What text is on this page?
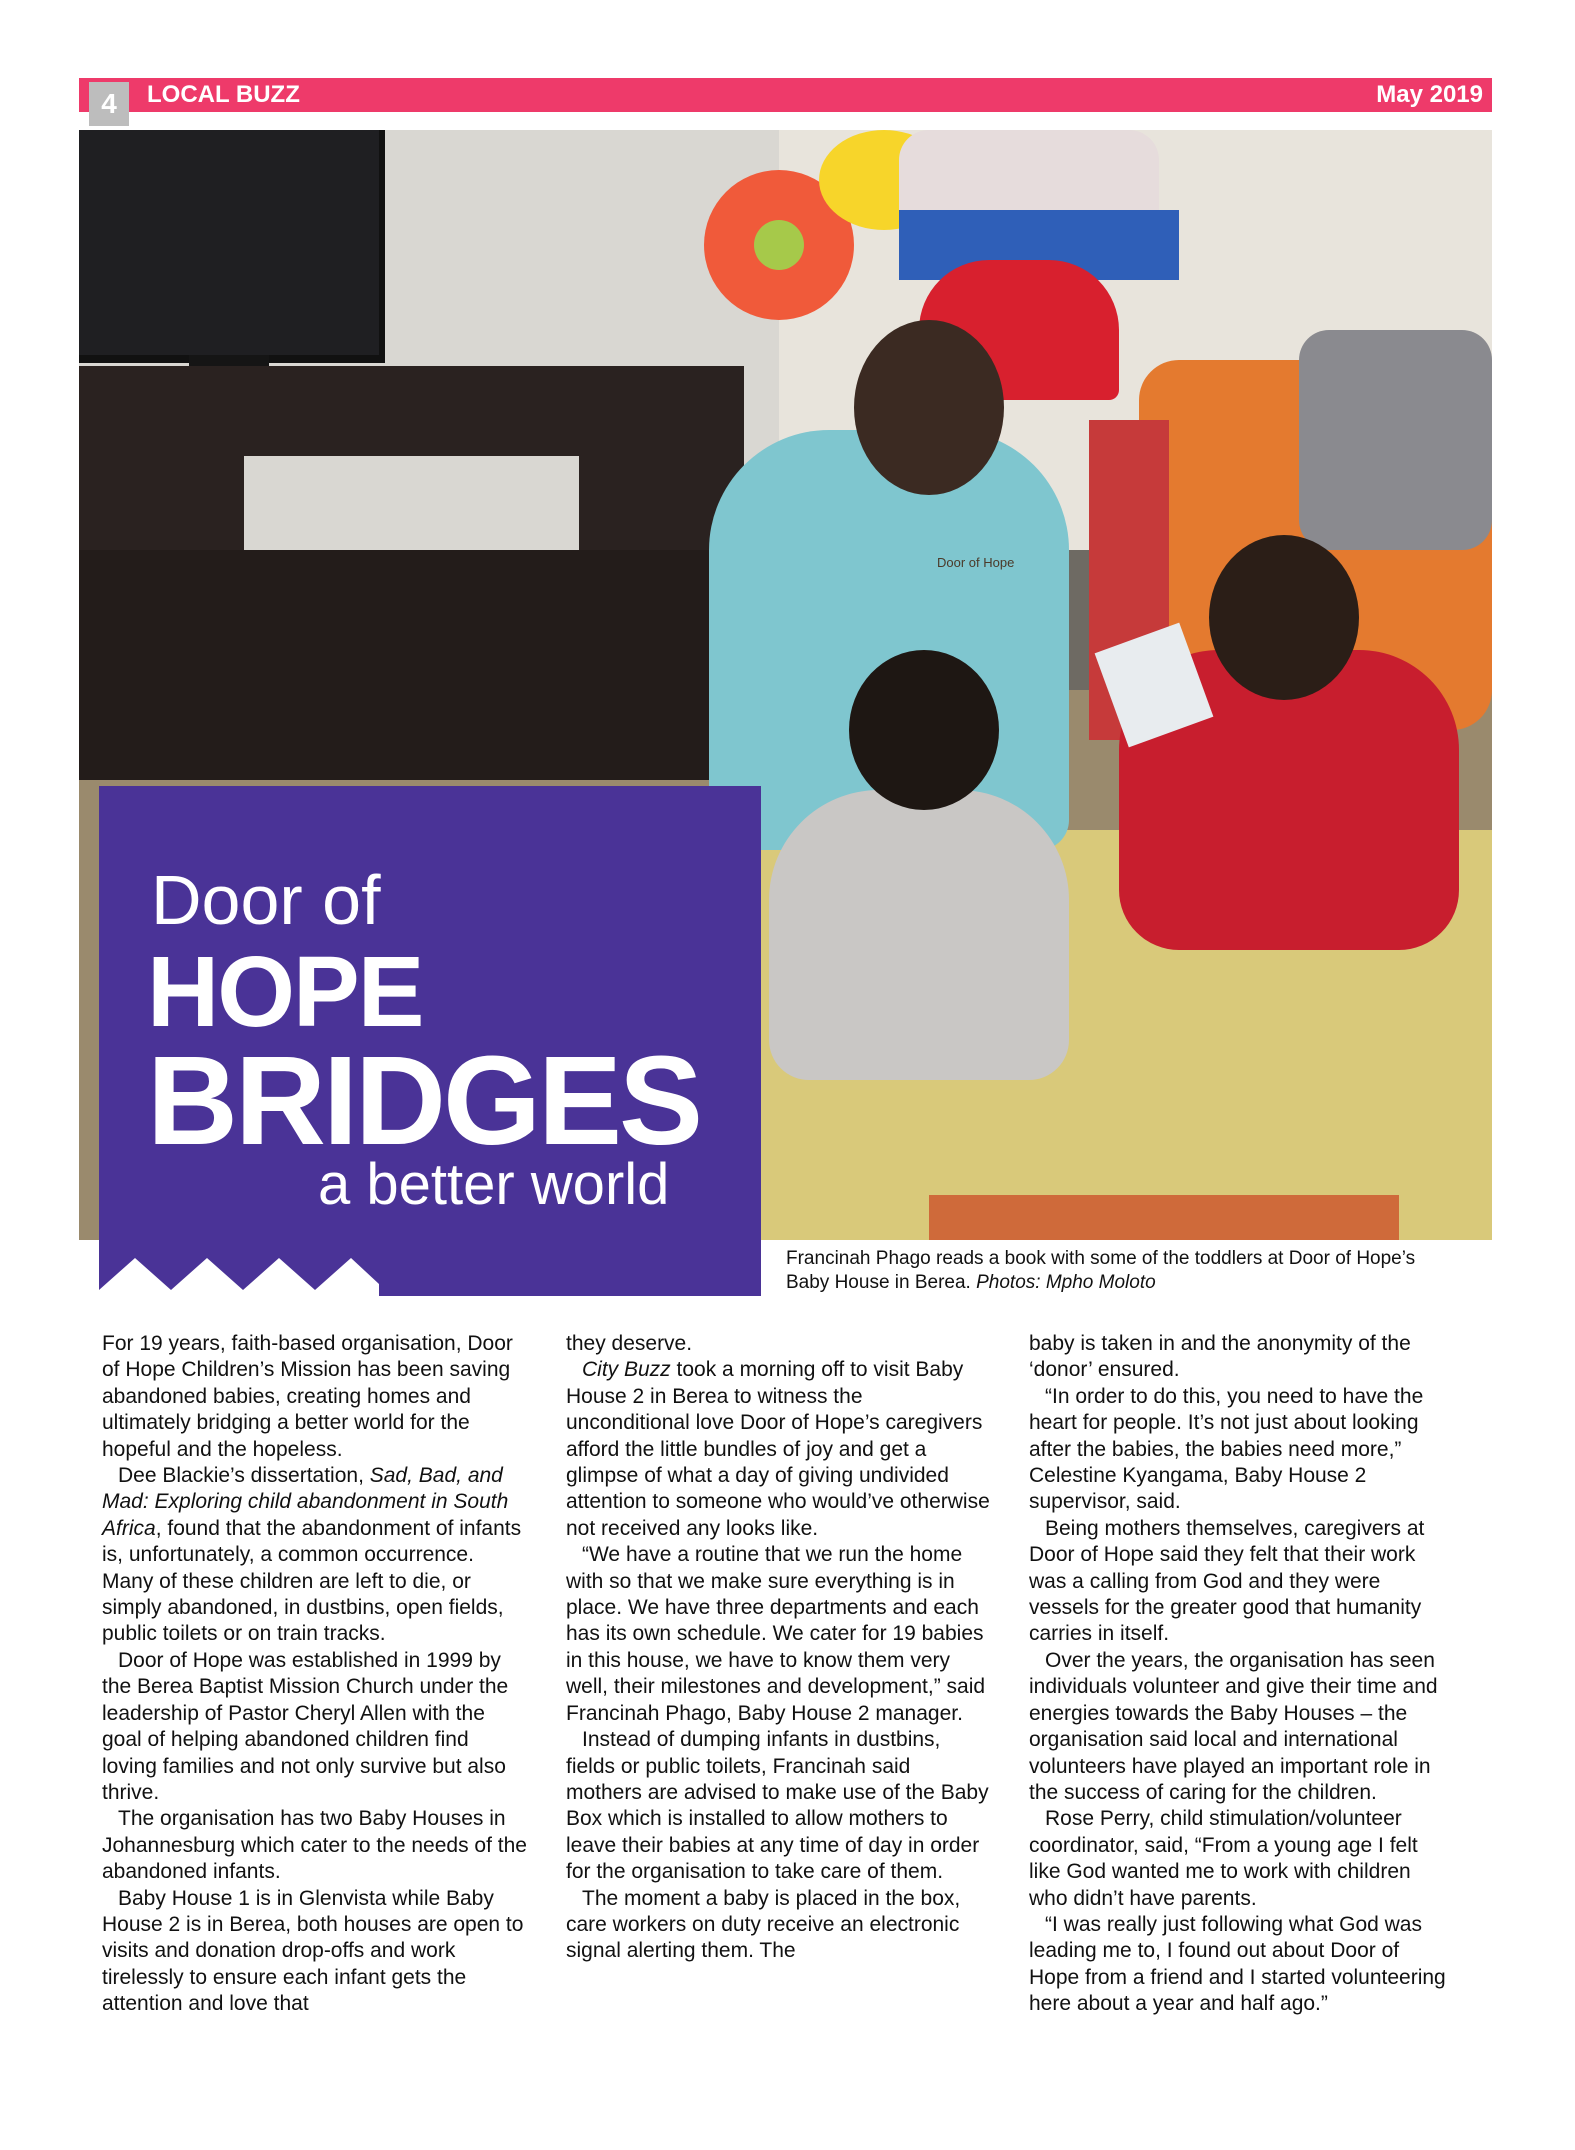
4	LOCAL BUZZ	May 2019
Door of Hope
Door of
HOPE
BRIDGES
a better world
Francinah Phago reads a book with some of the toddlers at Door of Hope’s Baby House in Berea. Photos: Mpho Moloto

For 19 years, faith-based organisation, Door of Hope Children’s Mission has been saving abandoned babies, creating homes and ultimately bridging a better world for the hopeful and the hopeless.

Dee Blackie’s dissertation, Sad, Bad, and Mad: Exploring child abandonment in South Africa, found that the abandonment of infants is, unfortunately, a common occurrence. Many of these children are left to die, or simply abandoned, in dustbins, open fields, public toilets or on train tracks.

Door of Hope was established in 1999 by the Berea Baptist Mission Church under the leadership of Pastor Cheryl Allen with the goal of helping abandoned children find loving families and not only survive but also thrive.

The organisation has two Baby Houses in Johannesburg which cater to the needs of the abandoned infants.

Baby House 1 is in Glenvista while Baby House 2 is in Berea, both houses are open to visits and donation drop-offs and work tirelessly to ensure each infant gets the attention and love that

they deserve.

City Buzz took a morning off to visit Baby House 2 in Berea to witness the unconditional love Door of Hope’s caregivers afford the little bundles of joy and get a glimpse of what a day of giving undivided attention to someone who would’ve otherwise not received any looks like.

“We have a routine that we run the home with so that we make sure everything is in place. We have three departments and each has its own schedule. We cater for 19 babies in this house, we have to know them very well, their milestones and development,” said Francinah Phago, Baby House 2 manager.

Instead of dumping infants in dustbins, fields or public toilets, Francinah said mothers are advised to make use of the Baby Box which is installed to allow mothers to leave their babies at any time of day in order for the organisation to take care of them.

The moment a baby is placed in the box, care workers on duty receive an electronic signal alerting them. The

baby is taken in and the anonymity of the ‘donor’ ensured.

“In order to do this, you need to have the heart for people. It’s not just about looking after the babies, the babies need more,” Celestine Kyangama, Baby House 2 supervisor, said.

Being mothers themselves, caregivers at Door of Hope said they felt that their work was a calling from God and they were vessels for the greater good that humanity carries in itself.

Over the years, the organisation has seen individuals volunteer and give their time and energies towards the Baby Houses – the organisation said local and international volunteers have played an important role in the success of caring for the children.

Rose Perry, child stimulation/volunteer coordinator, said, “From a young age I felt like God wanted me to work with children who didn’t have parents.

“I was really just following what God was leading me to, I found out about Door of Hope from a friend and I started volunteering here about a year and half ago.”
